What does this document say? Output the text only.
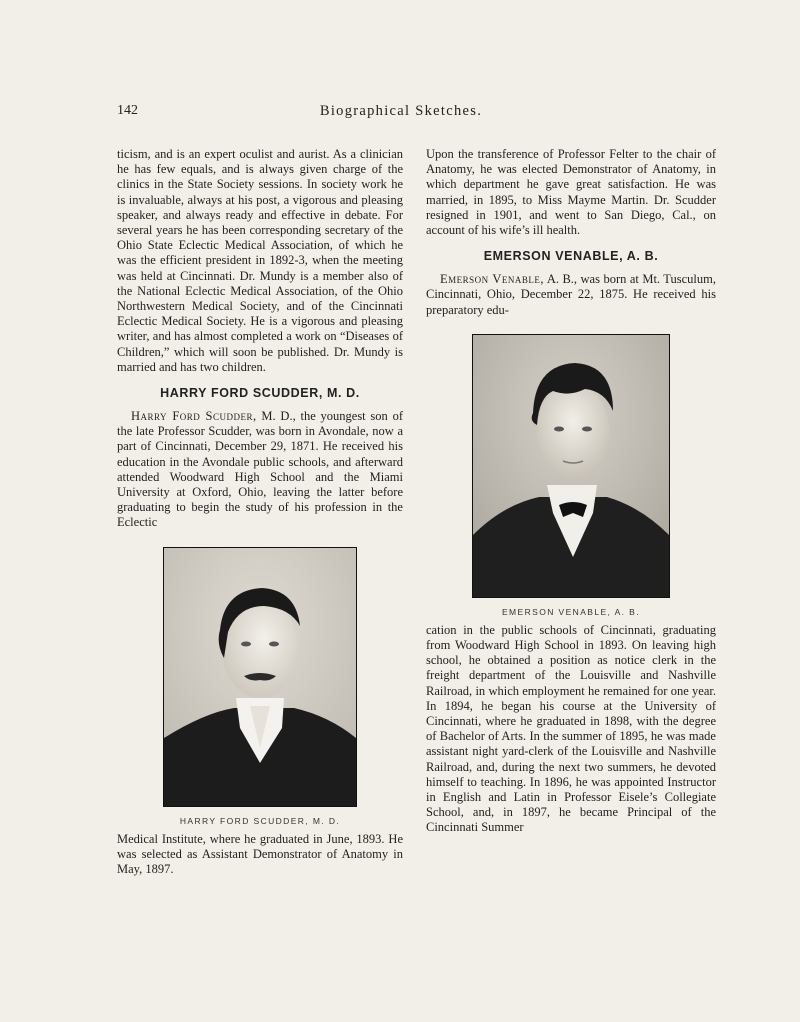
142	Biographical Sketches.

ticism, and is an expert oculist and aurist. As a clinician he has few equals, and is always given charge of the clinics in the State Society sessions. In society work he is invaluable, always at his post, a vigorous and pleasing speaker, and always ready and effective in debate. For several years he has been corresponding secretary of the Ohio State Eclectic Medical Association, of which he was the efficient president in 1892-3, when the meeting was held at Cincinnati. Dr. Mundy is a member also of the National Eclectic Medical Association, of the Ohio Northwestern Medical Society, and of the Cincinnati Eclectic Medical Society. He is a vigorous and pleasing writer, and has almost completed a work on “Diseases of Children,” which will soon be published. Dr. Mundy is married and has two children.

HARRY FORD SCUDDER, M. D.

Harry Ford Scudder, M. D., the youngest son of the late Professor Scudder, was born in Avondale, now a part of Cincinnati, December 29, 1871. He received his education in the Avondale public schools, and afterward attended Woodward High School and the Miami University at Oxford, Ohio, leaving the latter before graduating to begin the study of his profession in the Eclectic

HARRY FORD SCUDDER, M. D.

Medical Institute, where he graduated in June, 1893. He was selected as Assistant Demonstrator of Anatomy in May, 1897.

Upon the transference of Professor Felter to the chair of Anatomy, he was elected Demonstrator of Anatomy, in which department he gave great satisfaction. He was married, in 1895, to Miss Mayme Martin. Dr. Scudder resigned in 1901, and went to San Diego, Cal., on account of his wife’s ill health.

EMERSON VENABLE, A. B.

Emerson Venable, A. B., was born at Mt. Tusculum, Cincinnati, Ohio, December 22, 1875. He received his preparatory edu-

EMERSON VENABLE, A. B.

cation in the public schools of Cincinnati, graduating from Woodward High School in 1893. On leaving high school, he obtained a position as notice clerk in the freight department of the Louisville and Nashville Railroad, in which employment he remained for one year. In 1894, he began his course at the University of Cincinnati, where he graduated in 1898, with the degree of Bachelor of Arts. In the summer of 1895, he was made assistant night yard-clerk of the Louisville and Nashville Railroad, and, during the next two summers, he devoted himself to teaching. In 1896, he was appointed Instructor in English and Latin in Professor Eisele’s Collegiate School, and, in 1897, he became Principal of the Cincinnati Summer
